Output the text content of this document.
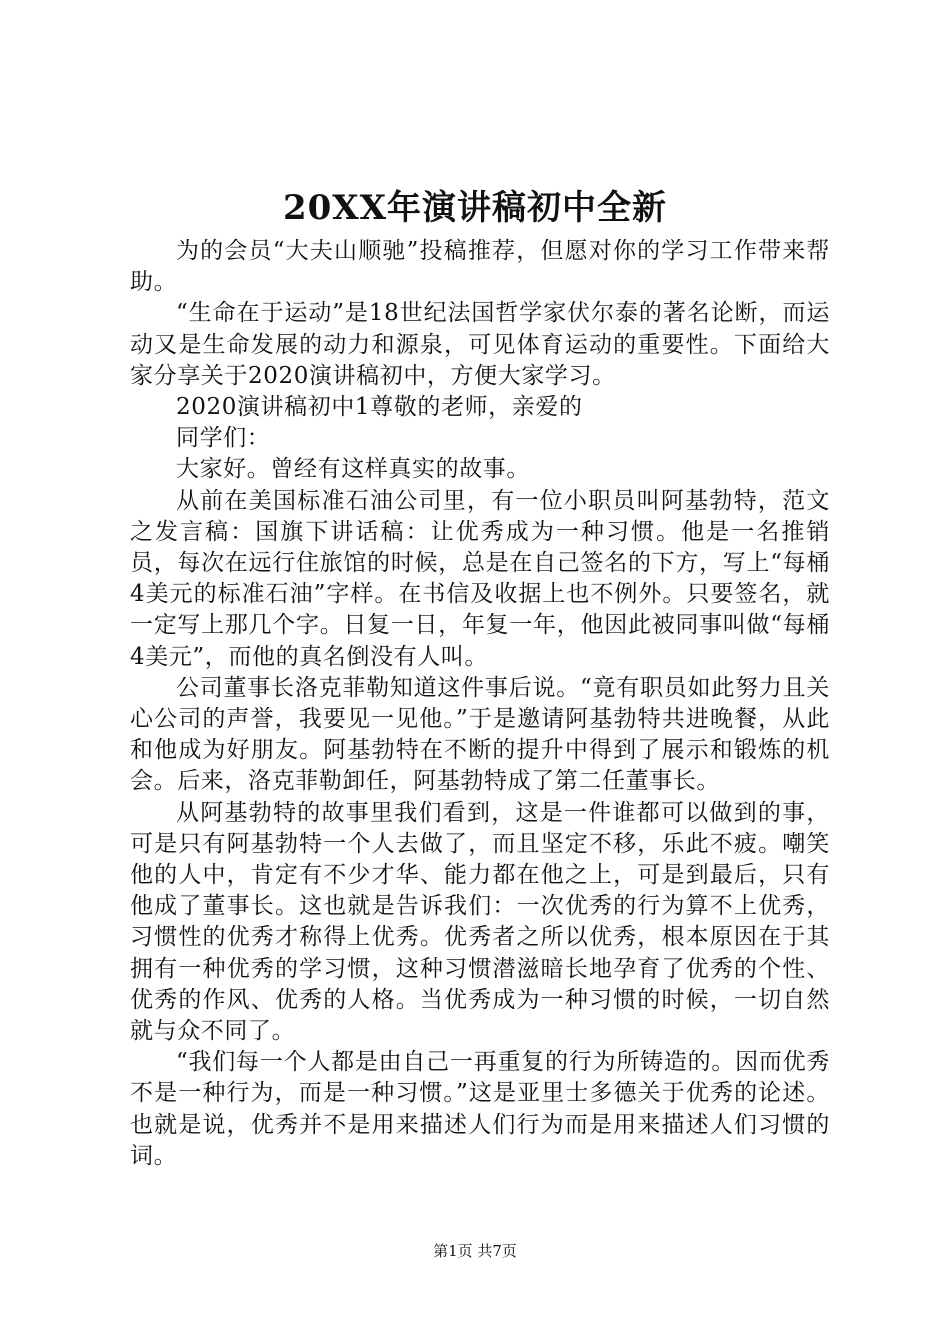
20XX年演讲稿初中全新

为的会员“大夫山顺驰”投稿推荐，但愿对你的学习工作带来帮助。

“生命在于运动”是18世纪法国哲学家伏尔泰的著名论断，而运动又是生命发展的动力和源泉，可见体育运动的重要性。下面给大家分享关于2020演讲稿初中，方便大家学习。

2020演讲稿初中1尊敬的老师，亲爱的

同学们：

大家好。曾经有这样真实的故事。

从前在美国标准石油公司里，有一位小职员叫阿基勃特，范文之发言稿：国旗下讲话稿：让优秀成为一种习惯。他是一名推销员，每次在远行住旅馆的时候，总是在自己签名的下方，写上“每桶4美元的标准石油”字样。在书信及收据上也不例外。只要签名，就一定写上那几个字。日复一日，年复一年，他因此被同事叫做“每桶4美元”，而他的真名倒没有人叫。

公司董事长洛克菲勒知道这件事后说。“竟有职员如此努力且关心公司的声誉，我要见一见他。”于是邀请阿基勃特共进晚餐，从此和他成为好朋友。阿基勃特在不断的提升中得到了展示和锻炼的机会。后来，洛克菲勒卸任，阿基勃特成了第二任董事长。

从阿基勃特的故事里我们看到，这是一件谁都可以做到的事，可是只有阿基勃特一个人去做了，而且坚定不移，乐此不疲。嘲笑他的人中，肯定有不少才华、能力都在他之上，可是到最后，只有他成了董事长。这也就是告诉我们：一次优秀的行为算不上优秀，习惯性的优秀才称得上优秀。优秀者之所以优秀，根本原因在于其拥有一种优秀的学习惯，这种习惯潜滋暗长地孕育了优秀的个性、优秀的作风、优秀的人格。当优秀成为一种习惯的时候，一切自然就与众不同了。

“我们每一个人都是由自己一再重复的行为所铸造的。因而优秀不是一种行为，而是一种习惯。”这是亚里士多德关于优秀的论述。也就是说，优秀并不是用来描述人们行为而是用来描述人们习惯的词。

第1页 共7页
